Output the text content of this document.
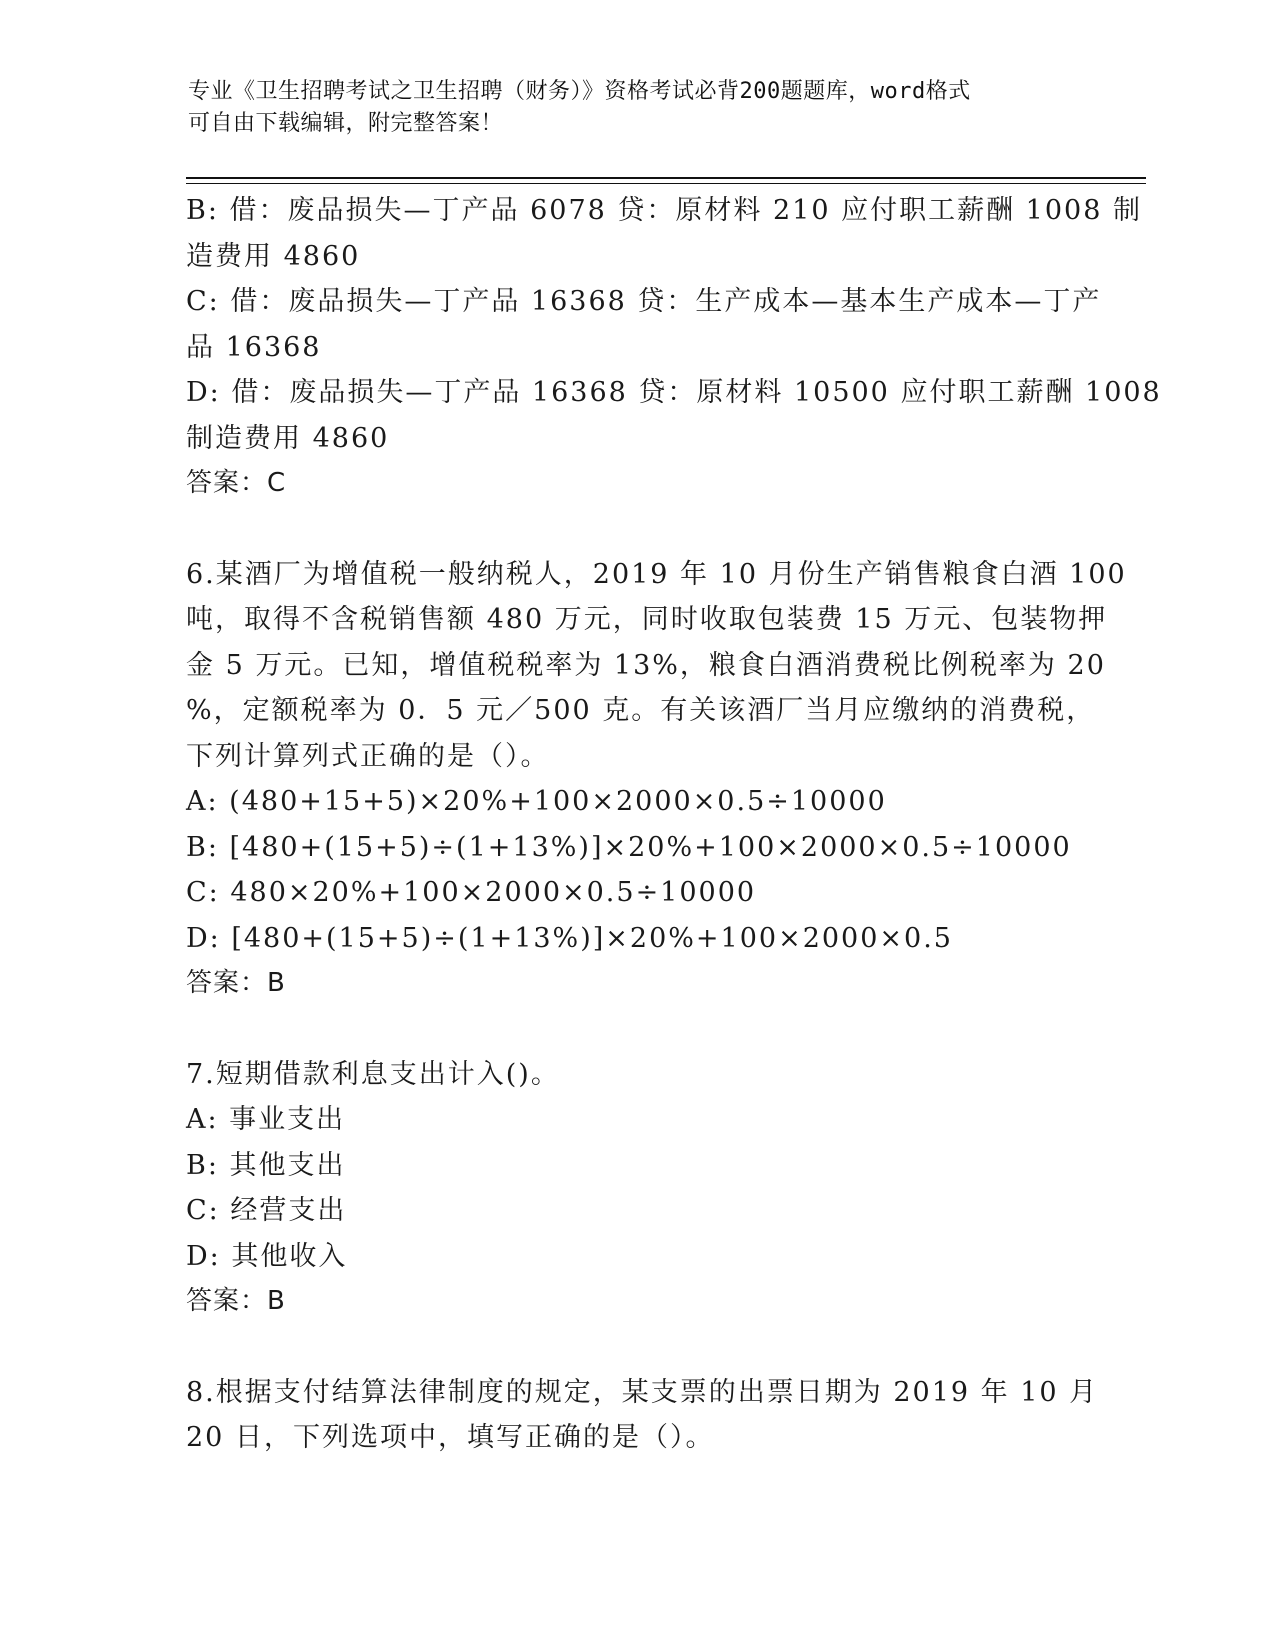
专业《卫生招聘考试之卫生招聘（财务）》资格考试必背200题题库，word格式
可自由下载编辑，附完整答案！
B: 借：废品损失—丁产品 6078 贷：原材料 210 应付职工薪酬 1008 制
造费用 4860
C: 借：废品损失—丁产品 16368 贷：生产成本—基本生产成本—丁产
品 16368
D: 借：废品损失—丁产品 16368 贷：原材料 10500 应付职工薪酬 1008
制造费用 4860
答案：C
6.某酒厂为增值税一般纳税人，2019 年 10 月份生产销售粮食白酒 100
吨，取得不含税销售额 480 万元，同时收取包装费 15 万元、包装物押
金 5 万元。已知，增值税税率为 13%，粮食白酒消费税比例税率为 20
%，定额税率为 0．5 元／500 克。有关该酒厂当月应缴纳的消费税，
下列计算列式正确的是（）。
A: (480+15+5)×20%+100×2000×0.5÷10000
B: [480+(15+5)÷(1+13%)]×20%+100×2000×0.5÷10000
C: 480×20%+100×2000×0.5÷10000
D: [480+(15+5)÷(1+13%)]×20%+100×2000×0.5
答案：B
7.短期借款利息支出计入()。
A: 事业支出
B: 其他支出
C: 经营支出
D: 其他收入
答案：B
8.根据支付结算法律制度的规定，某支票的出票日期为 2019 年 10 月
20 日，下列选项中，填写正确的是（）。
